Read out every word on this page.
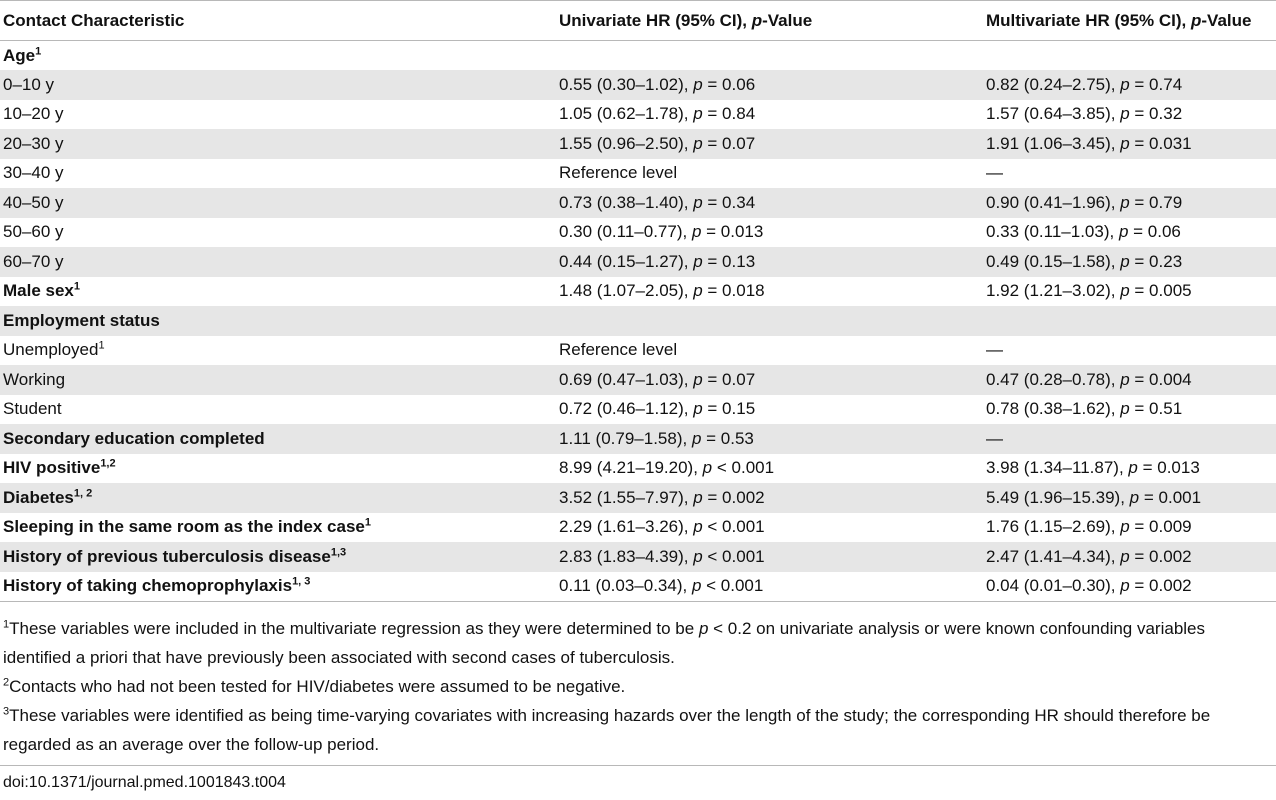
Contact Characteristic	Univariate HR (95% CI), p-Value	Multivariate HR (95% CI), p-Value
Age$^1$		
0–10 y	0.55 (0.30–1.02), p = 0.06	0.82 (0.24–2.75), p = 0.74
10–20 y	1.05 (0.62–1.78), p = 0.84	1.57 (0.64–3.85), p = 0.32
20–30 y	1.55 (0.96–2.50), p = 0.07	1.91 (1.06–3.45), p = 0.031
30–40 y	Reference level	—
40–50 y	0.73 (0.38–1.40), p = 0.34	0.90 (0.41–1.96), p = 0.79
50–60 y	0.30 (0.11–0.77), p = 0.013	0.33 (0.11–1.03), p = 0.06
60–70 y	0.44 (0.15–1.27), p = 0.13	0.49 (0.15–1.58), p = 0.23
Male sex$^1$	1.48 (1.07–2.05), p = 0.018	1.92 (1.21–3.02), p = 0.005
Employment status		
Unemployed$^1$	Reference level	—
Working	0.69 (0.47–1.03), p = 0.07	0.47 (0.28–0.78), p = 0.004
Student	0.72 (0.46–1.12), p = 0.15	0.78 (0.38–1.62), p = 0.51
Secondary education completed	1.11 (0.79–1.58), p = 0.53	—
HIV positive$^{1,2}$	8.99 (4.21–19.20), p < 0.001	3.98 (1.34–11.87), p = 0.013
Diabetes$^{1, 2}$	3.52 (1.55–7.97), p = 0.002	5.49 (1.96–15.39), p = 0.001
Sleeping in the same room as the index case$^1$	2.29 (1.61–3.26), p < 0.001	1.76 (1.15–2.69), p = 0.009
History of previous tuberculosis disease$^{1,3}$	2.83 (1.83–4.39), p < 0.001	2.47 (1.41–4.34), p = 0.002
History of taking chemoprophylaxis$^{1, 3}$	0.11 (0.03–0.34), p < 0.001	0.04 (0.01–0.30), p = 0.002

$^1$These variables were included in the multivariate regression as they were determined to be p < 0.2 on univariate analysis or were known confounding variables identified a priori that have previously been associated with second cases of tuberculosis.

$^2$Contacts who had not been tested for HIV/diabetes were assumed to be negative.

$^3$These variables were identified as being time-varying covariates with increasing hazards over the length of the study; the corresponding HR should therefore be regarded as an average over the follow-up period.

doi:10.1371/journal.pmed.1001843.t004
